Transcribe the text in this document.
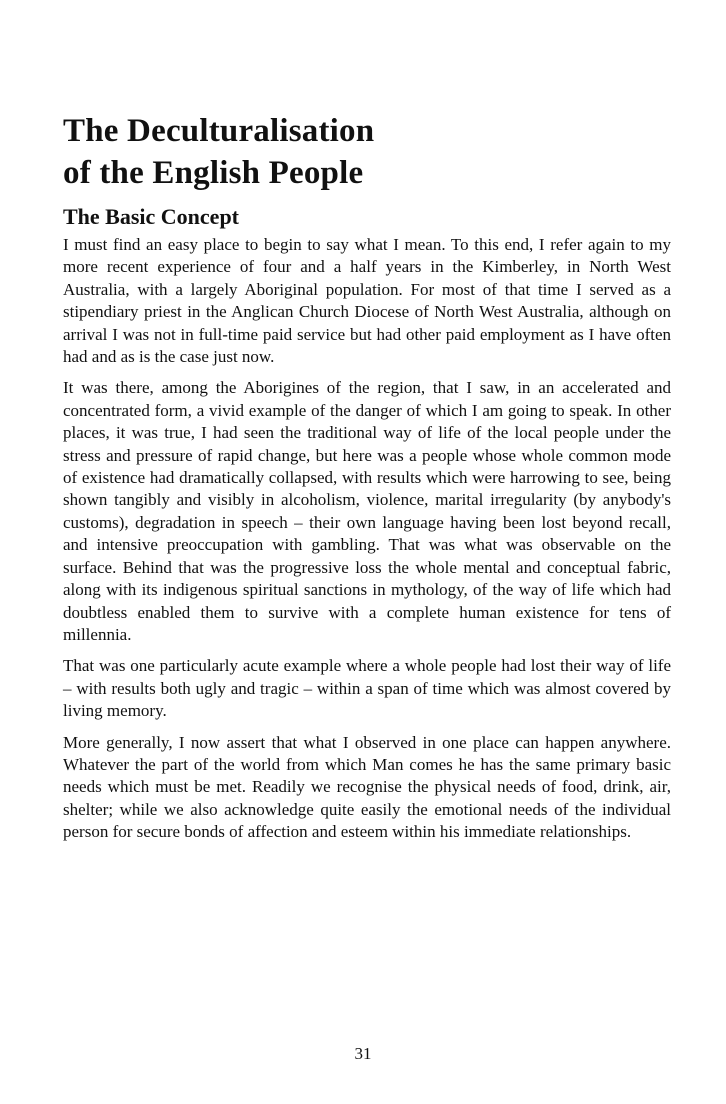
The Deculturalisation
of the English People
The Basic Concept

I must find an easy place to begin to say what I mean. To this end, I refer again to my more recent experience of four and a half years in the Kimberley, in North West Australia, with a largely Aboriginal population. For most of that time I served as a stipendiary priest in the Anglican Church Diocese of North West Australia, although on arrival I was not in full-time paid service but had other paid employment as I have often had and as is the case just now.

It was there, among the Aborigines of the region, that I saw, in an accelerated and concentrated form, a vivid example of the danger of which I am going to speak. In other places, it was true, I had seen the traditional way of life of the local people under the stress and pressure of rapid change, but here was a people whose whole common mode of existence had dramatically collapsed, with results which were harrowing to see, being shown tangibly and visibly in alcoholism, violence, marital irregularity (by anybody's customs), degradation in speech – their own language having been lost beyond recall, and intensive preoccupation with gambling. That was what was observable on the surface. Behind that was the progressive loss the whole mental and conceptual fabric, along with its indigenous spiritual sanctions in mythology, of the way of life which had doubtless enabled them to survive with a complete human existence for tens of millennia.

That was one particularly acute example where a whole people had lost their way of life – with results both ugly and tragic – within a span of time which was almost covered by living memory.

More generally, I now assert that what I observed in one place can happen anywhere. Whatever the part of the world from which Man comes he has the same primary basic needs which must be met. Readily we recognise the physical needs of food, drink, air, shelter; while we also acknowledge quite easily the emotional needs of the individual person for secure bonds of affection and esteem within his immediate relationships.

31
